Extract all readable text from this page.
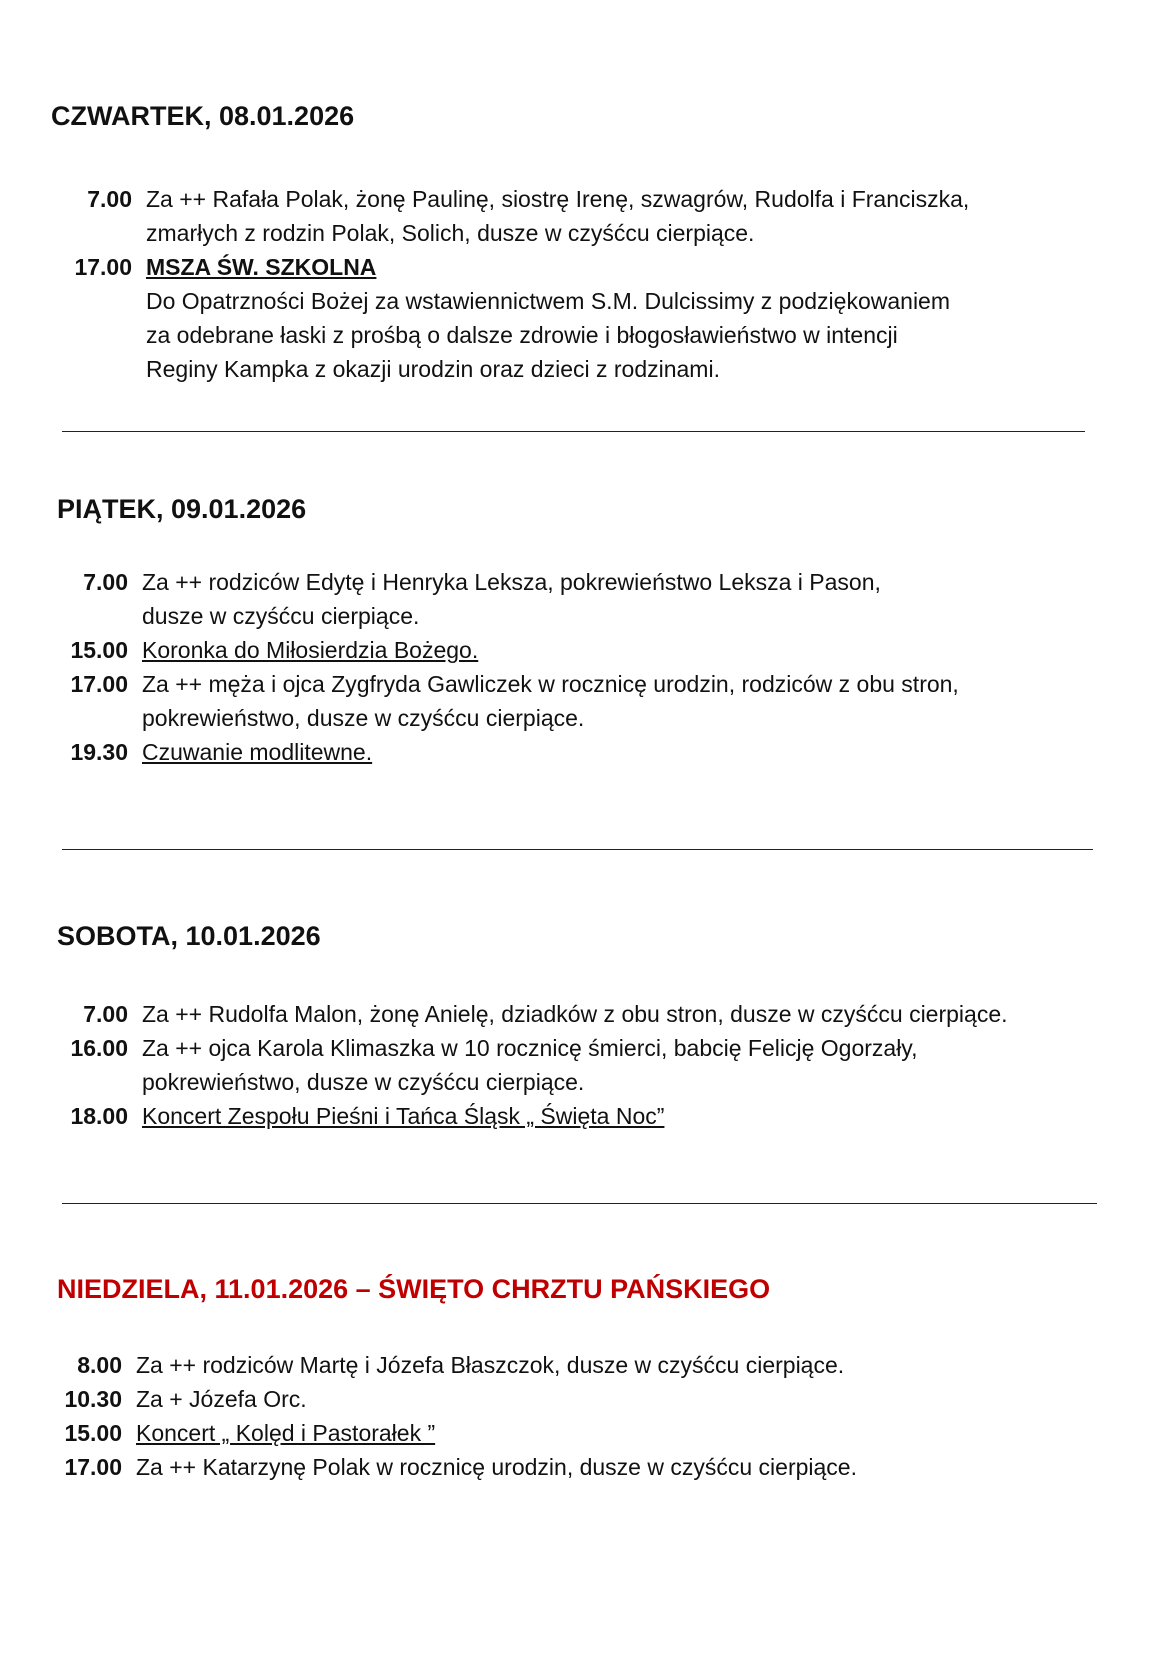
CZWARTEK, 08.01.2026
7.00 Za ++ Rafała Polak, żonę Paulinę, siostrę Irenę, szwagrów, Rudolfa i Franciszka,
zmarłych z rodzin Polak, Solich, dusze w czyśćcu cierpiące.
17.00 MSZA ŚW. SZKOLNA
Do Opatrzności Bożej za wstawiennictwem S.M. Dulcissimy z podziękowaniem
za odebrane łaski z prośbą o dalsze zdrowie i błogosławieństwo w intencji
Reginy Kampka z okazji urodzin oraz dzieci z rodzinami.
PIĄTEK, 09.01.2026
7.00 Za ++ rodziców Edytę i Henryka Leksza, pokrewieństwo Leksza i Pason,
dusze w czyśćcu cierpiące.
15.00 Koronka do Miłosierdzia Bożego.
17.00 Za ++ męża i ojca Zygfryda Gawliczek w rocznicę urodzin, rodziców z obu stron,
pokrewieństwo, dusze w czyśćcu cierpiące.
19.30 Czuwanie modlitewne.
SOBOTA, 10.01.2026
7.00 Za ++ Rudolfa Malon, żonę Anielę, dziadków z obu stron, dusze w czyśćcu cierpiące.
16.00 Za ++ ojca Karola Klimaszka w 10 rocznicę śmierci, babcię Felicję Ogorzały,
pokrewieństwo, dusze w czyśćcu cierpiące.
18.00 Koncert Zespołu Pieśni i Tańca Śląsk „ Święta Noc”
NIEDZIELA, 11.01.2026 – ŚWIĘTO CHRZTU PAŃSKIEGO
8.00 Za ++ rodziców Martę i Józefa Błaszczok, dusze w czyśćcu cierpiące.
10.30 Za + Józefa Orc.
15.00 Koncert „ Kolęd i Pastorałek ”
17.00 Za ++ Katarzynę Polak w rocznicę urodzin, dusze w czyśćcu cierpiące.
